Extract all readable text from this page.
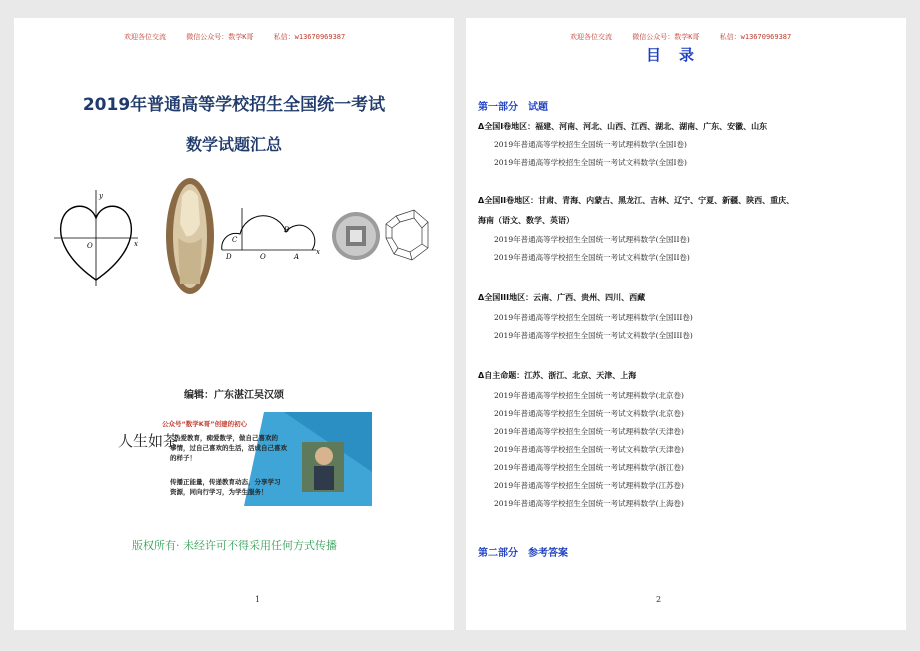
欢迎各位交流	微信公众号：数学K哥	私信：w13670969387
2019年普通高等学校招生全国统一考试
数学试题汇总
y
O	x
B
C
D	O	A
x
编辑：广东湛江吴汉颂
人生如茶
公众号“数学K哥”创建的初心
热爱教育，痴爱数学，做自己喜欢的
事情，过自己喜欢的生活，活成自己喜欢
的样子！
传播正能量，传递教育动态，分享学习
资源，同向行学习，为学生服务！
版权所有· 未经许可不得采用任何方式传播
1
欢迎各位交流	微信公众号：数学K哥	私信：w13670969387
目录
第一部分　试题
Δ全国Ⅰ卷地区：福建、河南、河北、山西、江西、湖北、湖南、广东、安徽、山东
2019年普通高等学校招生全国统一考试理科数学(全国Ⅰ卷)
2019年普通高等学校招生全国统一考试文科数学(全国Ⅰ卷)
Δ全国II卷地区：甘肃、青海、内蒙古、黑龙江、吉林、辽宁、宁夏、新疆、陕西、重庆、
海南（语文、数学、英语）
2019年普通高等学校招生全国统一考试理科数学(全国II卷)
2019年普通高等学校招生全国统一考试文科数学(全国II卷)
Δ全国III地区：云南、广西、贵州、四川、西藏
2019年普通高等学校招生全国统一考试理科数学(全国III卷)
2019年普通高等学校招生全国统一考试文科数学(全国III卷)
Δ自主命题：江苏、浙江、北京、天津、上海
2019年普通高等学校招生全国统一考试理科数学(北京卷)
2019年普通高等学校招生全国统一考试文科数学(北京卷)
2019年普通高等学校招生全国统一考试理科数学(天津卷)
2019年普通高等学校招生全国统一考试文科数学(天津卷)
2019年普通高等学校招生全国统一考试理科数学(浙江卷)
2019年普通高等学校招生全国统一考试理科数学(江苏卷)
2019年普通高等学校招生全国统一考试理科数学(上海卷)
第二部分　参考答案
2
